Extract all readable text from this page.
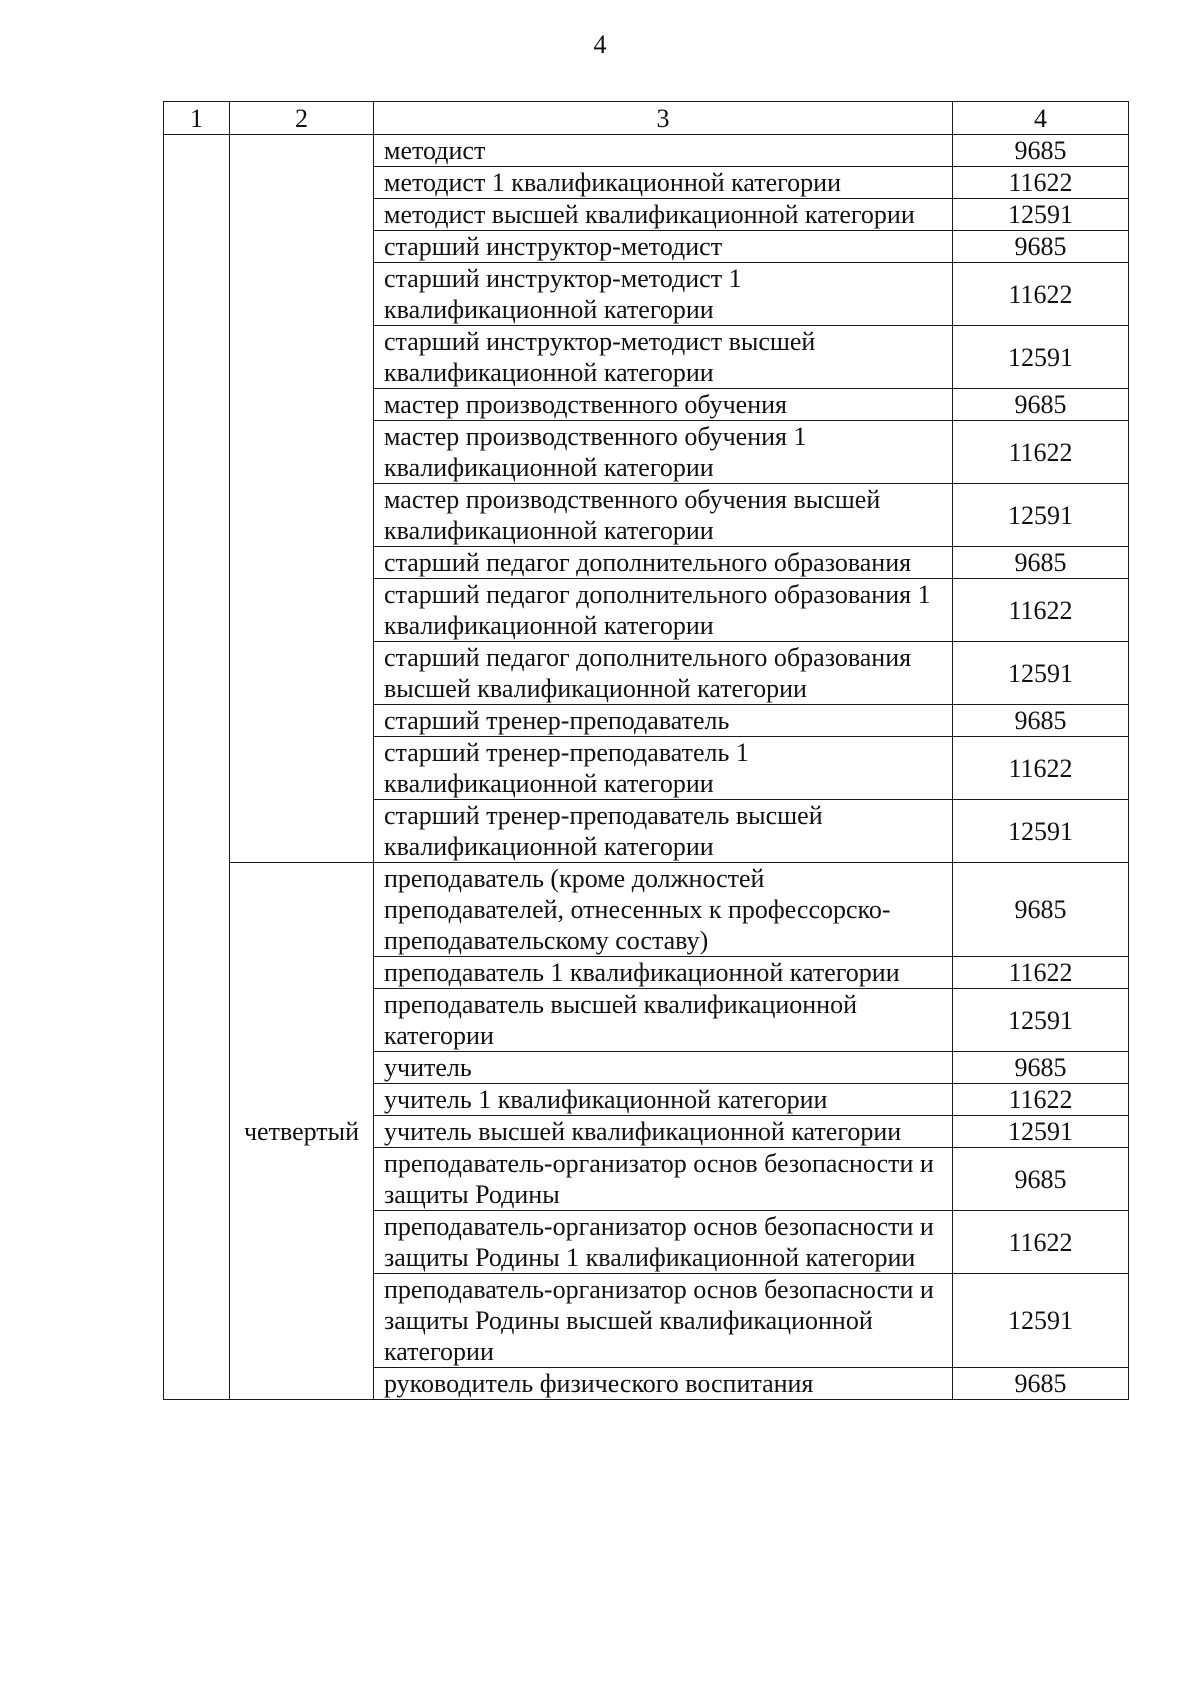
4
1	2	3	4
		методист	9685
		методист 1 квалификационной категории	11622
		методист высшей квалификационной категории	12591
		старший инструктор-методист	9685
		старший инструктор-методист 1 квалификационной категории	11622
		старший инструктор-методист высшей квалификационной категории	12591
		мастер производственного обучения	9685
		мастер производственного обучения 1 квалификационной категории	11622
		мастер производственного обучения высшей квалификационной категории	12591
		старший педагог дополнительного образования	9685
		старший педагог дополнительного образования 1 квалификационной категории	11622
		старший педагог дополнительного образования высшей квалификационной категории	12591
		старший тренер-преподаватель	9685
		старший тренер-преподаватель 1 квалификационной категории	11622
		старший тренер-преподаватель высшей квалификационной категории	12591
	четвертый	преподаватель (кроме должностей преподавателей, отнесенных к профессорско-преподавательскому составу)	9685
		преподаватель 1 квалификационной категории	11622
		преподаватель высшей квалификационной категории	12591
		учитель	9685
		учитель 1 квалификационной категории	11622
		учитель высшей квалификационной категории	12591
		преподаватель-организатор основ безопасности и защиты Родины	9685
		преподаватель-организатор основ безопасности и защиты Родины 1 квалификационной категории	11622
		преподаватель-организатор основ безопасности и защиты Родины высшей квалификационной категории	12591
		руководитель физического воспитания	9685
